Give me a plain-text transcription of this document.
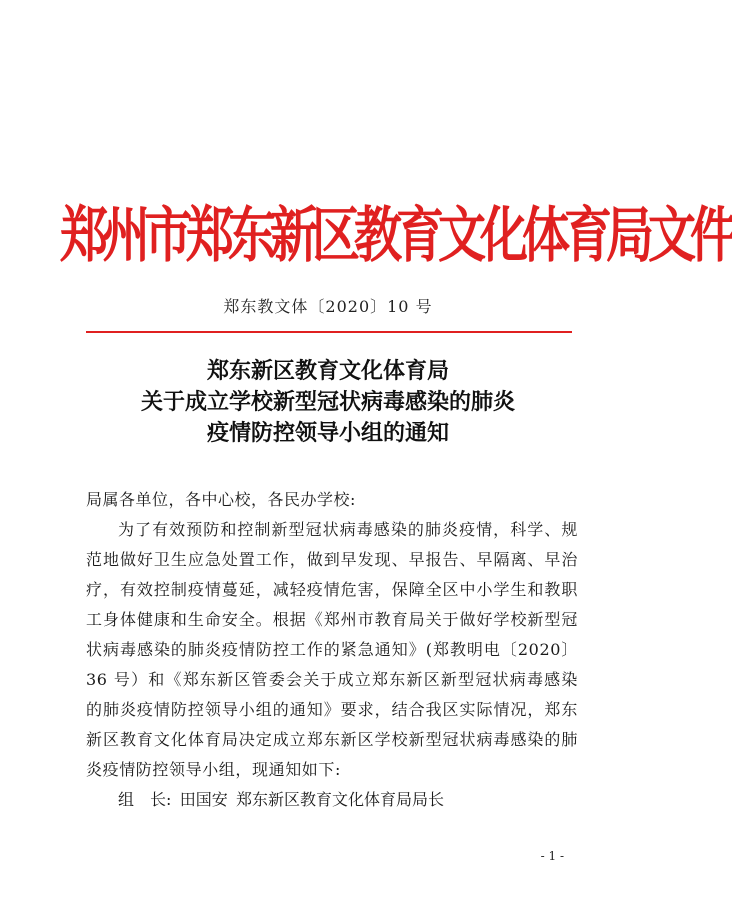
郑州市郑东新区教育文化体育局文件
郑东教文体〔2020〕10 号
郑东新区教育文化体育局
关于成立学校新型冠状病毒感染的肺炎
疫情防控领导小组的通知
局属各单位，各中心校，各民办学校:

为了有效预防和控制新型冠状病毒感染的肺炎疫情，科学、规范地做好卫生应急处置工作，做到早发现、早报告、早隔离、早治疗，有效控制疫情蔓延，减轻疫情危害，保障全区中小学生和教职工身体健康和生命安全。根据《郑州市教育局关于做好学校新型冠状病毒感染的肺炎疫情防控工作的紧急通知》(郑教明电〔2020〕36 号）和《郑东新区管委会关于成立郑东新区新型冠状病毒感染的肺炎疫情防控领导小组的通知》要求，结合我区实际情况，郑东新区教育文化体育局决定成立郑东新区学校新型冠状病毒感染的肺炎疫情防控领导小组，现通知如下:

组　长: 田国安 郑东新区教育文化体育局局长
- 1 -
